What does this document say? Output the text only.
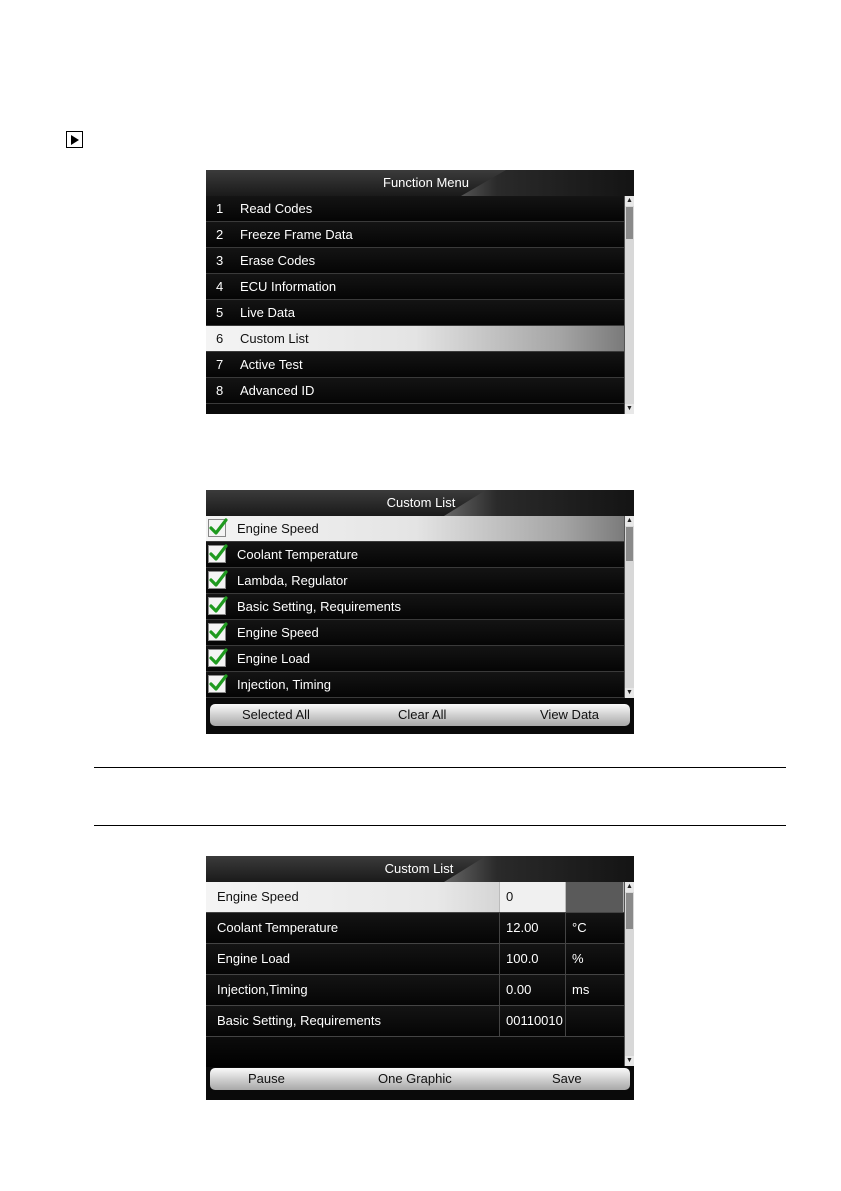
Function Menu
1 Read Codes
2 Freeze Frame Data
3 Erase Codes
4 ECU Information
5 Live Data
6 Custom List
7 Active Test
8 Advanced ID
▲
▼
Custom List
Engine Speed
Coolant Temperature
Lambda, Regulator
Basic Setting, Requirements
Engine Speed
Engine Load
Injection, Timing
▲
▼
Selected All	Clear All	View Data
Custom List
Engine Speed	0
Coolant Temperature	12.00	°C
Engine Load	100.0	%
Injection,Timing	0.00	ms
Basic Setting, Requirements	00110010
▲
▼
Pause	One Graphic	Save
